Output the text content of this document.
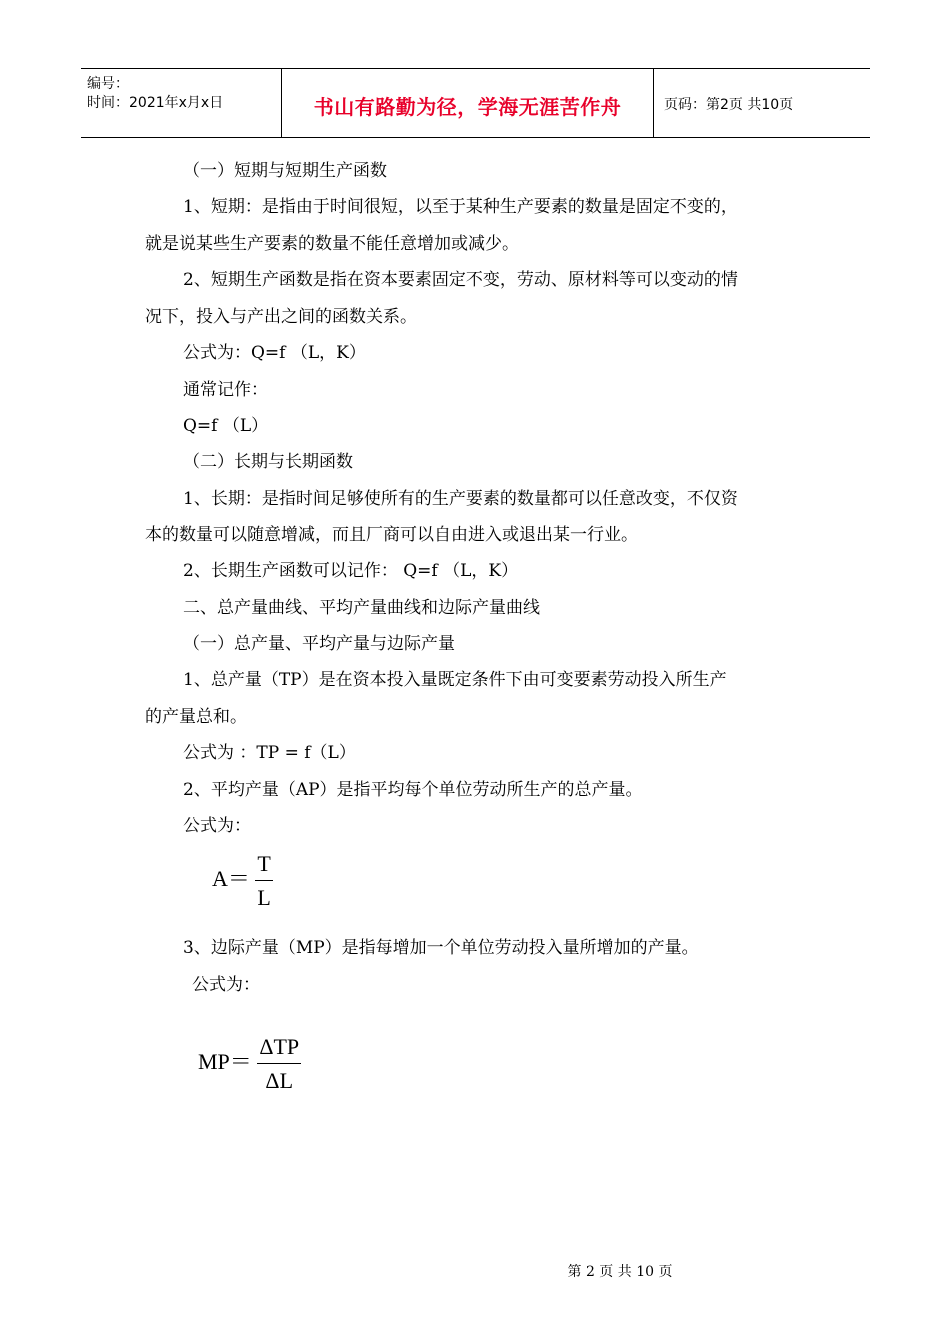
编号：
时间：2021年x月x日	书山有路勤为径，学海无涯苦作舟	页码：第2页 共10页
（一）短期与短期生产函数
1、短期：是指由于时间很短，以至于某种生产要素的数量是固定不变的，
就是说某些生产要素的数量不能任意增加或减少。
2、短期生产函数是指在资本要素固定不变，劳动、原材料等可以变动的情
况下，投入与产出之间的函数关系。
公式为：Q=f （L，K）
通常记作：
Q=f （L）
（二）长期与长期函数
1、长期：是指时间足够使所有的生产要素的数量都可以任意改变，不仅资
本的数量可以随意增减，而且厂商可以自由进入或退出某一行业。
2、长期生产函数可以记作： Q=f （L，K）
二、总产量曲线、平均产量曲线和边际产量曲线
（一）总产量、平均产量与边际产量
1、总产量（TP）是在资本投入量既定条件下由可变要素劳动投入所生产
的产量总和。
公式为 ：TP = f（L）
2、平均产量（AP）是指平均每个单位劳动所生产的总产量。
公式为：
$A= \frac{T}{L}$
3、边际产量（MP）是指每增加一个单位劳动投入量所增加的产量。
公式为：
$MP= \frac{\text{ΔTP}}{\Delta L}$
第 2 页 共 10 页
